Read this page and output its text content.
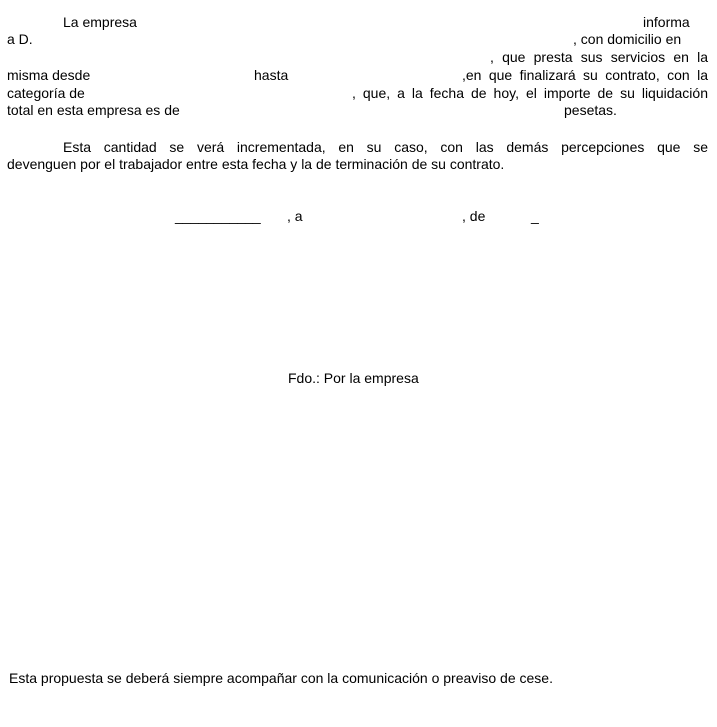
La empresa	informa
a D.	, con domicilio en
, que presta sus servicios en la
misma desde	hasta	,en que finalizará su contrato, con la
categoría de	, que, a la fecha de hoy, el importe de su liquidación
total en esta empresa es de	pesetas.
Esta cantidad se verá incrementada, en su caso, con las demás percepciones que se
devenguen por el trabajador entre esta fecha y la de terminación de su contrato.
___________ , a	, de	_
Fdo.: Por la empresa
Esta propuesta se deberá siempre acompañar con la comunicación o preaviso de cese.
